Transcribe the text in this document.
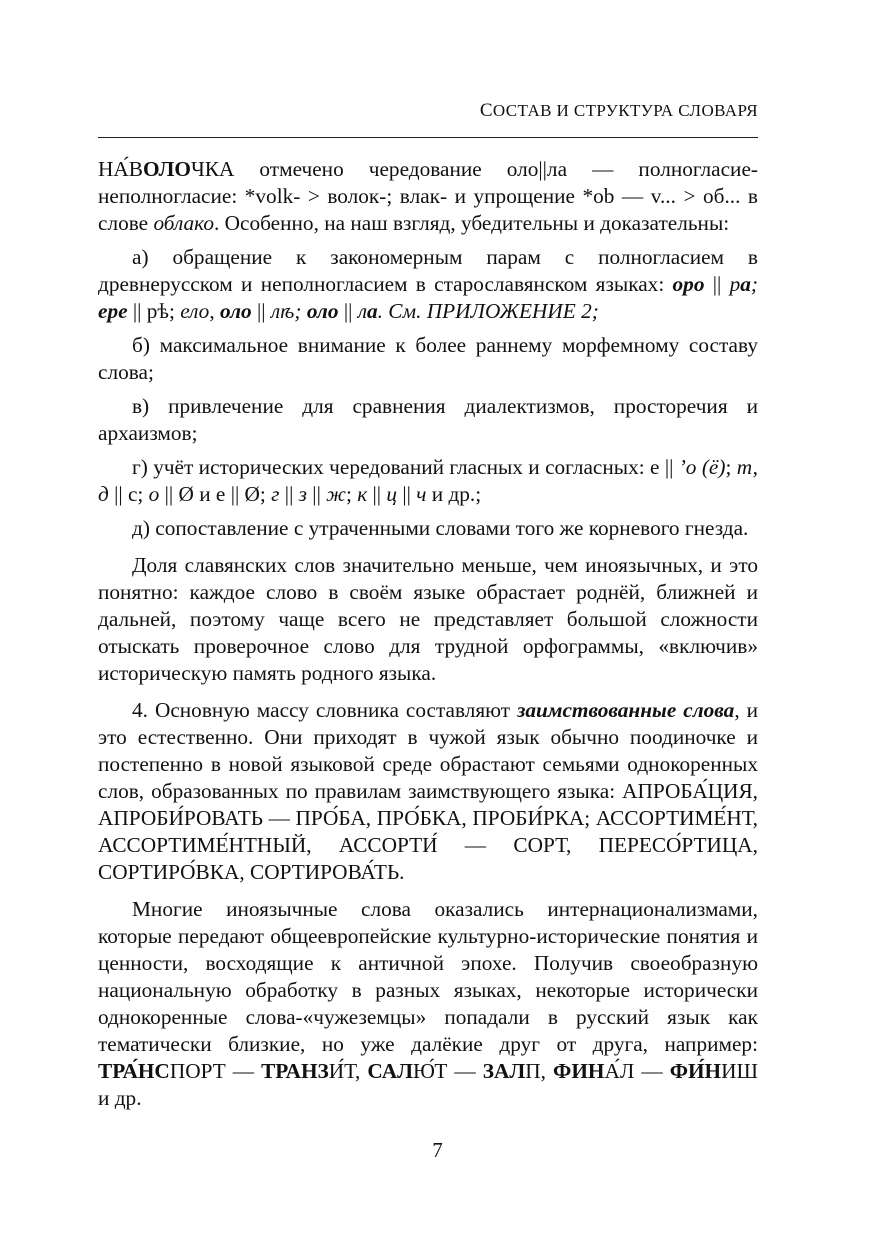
СОСТАВ И СТРУКТУРА СЛОВАРЯ

НА́ВОЛОЧКА отмечено чередование оло||ла — полногласие-неполногласие: *volk- > волок-; влак- и упрощение *ob — v... > об... в слове облако. Особенно, на наш взгляд, убедительны и доказательны:

а) обращение к закономерным парам с полногласием в древнерусском и неполногласием в старославянском языках: оро || ра; ере || рѣ; ело, оло || лѣ; оло || ла. См. ПРИЛОЖЕНИЕ 2;

б) максимальное внимание к более раннему морфемному составу слова;

в) привлечение для сравнения диалектизмов, просторечия и архаизмов;

г) учёт исторических чередований гласных и согласных: е || ’о (ё); т, д || с; о || Ø и е || Ø; г || з || ж; к || ц || ч и др.;

д) сопоставление с утраченными словами того же корневого гнезда.

Доля славянских слов значительно меньше, чем иноязычных, и это понятно: каждое слово в своём языке обрастает роднёй, ближней и дальней, поэтому чаще всего не представляет большой сложности отыскать проверочное слово для трудной орфограммы, «включив» историческую память родного языка.

4. Основную массу словника составляют заимствованные слова, и это естественно. Они приходят в чужой язык обычно поодиночке и постепенно в новой языковой среде обрастают семьями однокоренных слов, образованных по правилам заимствующего языка: АПРОБА́ЦИЯ, АПРОБИ́РОВАТЬ — ПРО́БА, ПРО́БКА, ПРОБИ́РКА; АССОРТИМЕ́НТ, АССОРТИМЕ́НТНЫЙ, АССОРТИ́ — СОРТ, ПЕРЕСО́РТИЦА, СОРТИРО́ВКА, СОРТИРОВА́ТЬ.

Многие иноязычные слова оказались интернационализмами, которые передают общеевропейские культурно-исторические понятия и ценности, восходящие к античной эпохе. Получив своеобразную национальную обработку в разных языках, некоторые исторически однокоренные слова-«чужеземцы» попадали в русский язык как тематически близкие, но уже далёкие друг от друга, например: ТРА́НСПОРТ — ТРАНЗИ́Т, САЛЮ́Т — ЗАЛП, ФИНА́Л — ФИ́НИШ и др.

7
